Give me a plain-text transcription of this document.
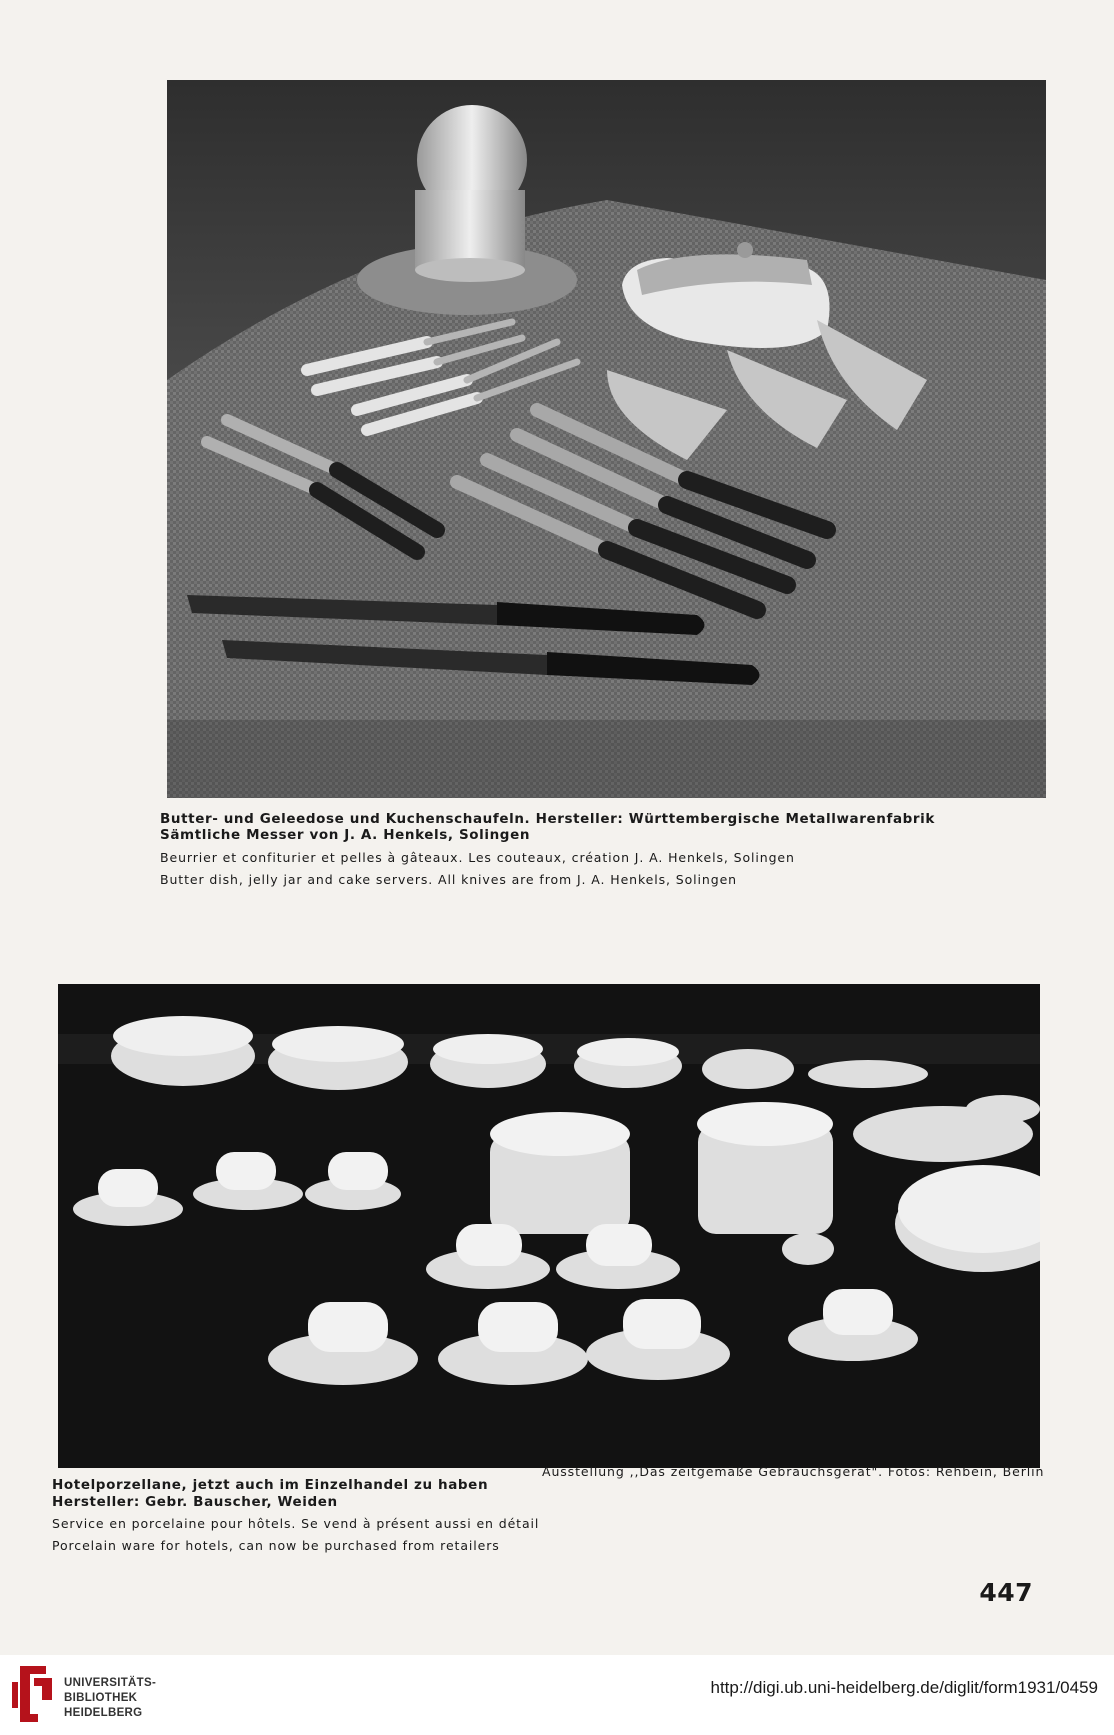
Butter- und Geleedose und Kuchenschaufeln. Hersteller: Württembergische Metallwarenfabrik
Sämtliche Messer von J. A. Henkels, Solingen
Beurrier et confiturier et pelles à gâteaux. Les couteaux, création J. A. Henkels, Solingen
Butter dish, jelly jar and cake servers. All knives are from J. A. Henkels, Solingen
Ausstellung ,,Das zeitgemäße Gebrauchsgerät". Fotos: Rehbein, Berlin
Hotelporzellane, jetzt auch im Einzelhandel zu haben
Hersteller: Gebr. Bauscher, Weiden
Service en porcelaine pour hôtels. Se vend à présent aussi en détail
Porcelain ware for hotels, can now be purchased from retailers
447
UNIVERSITÄTS-
BIBLIOTHEK
HEIDELBERG
http://digi.ub.uni-heidelberg.de/diglit/form1931/0459
